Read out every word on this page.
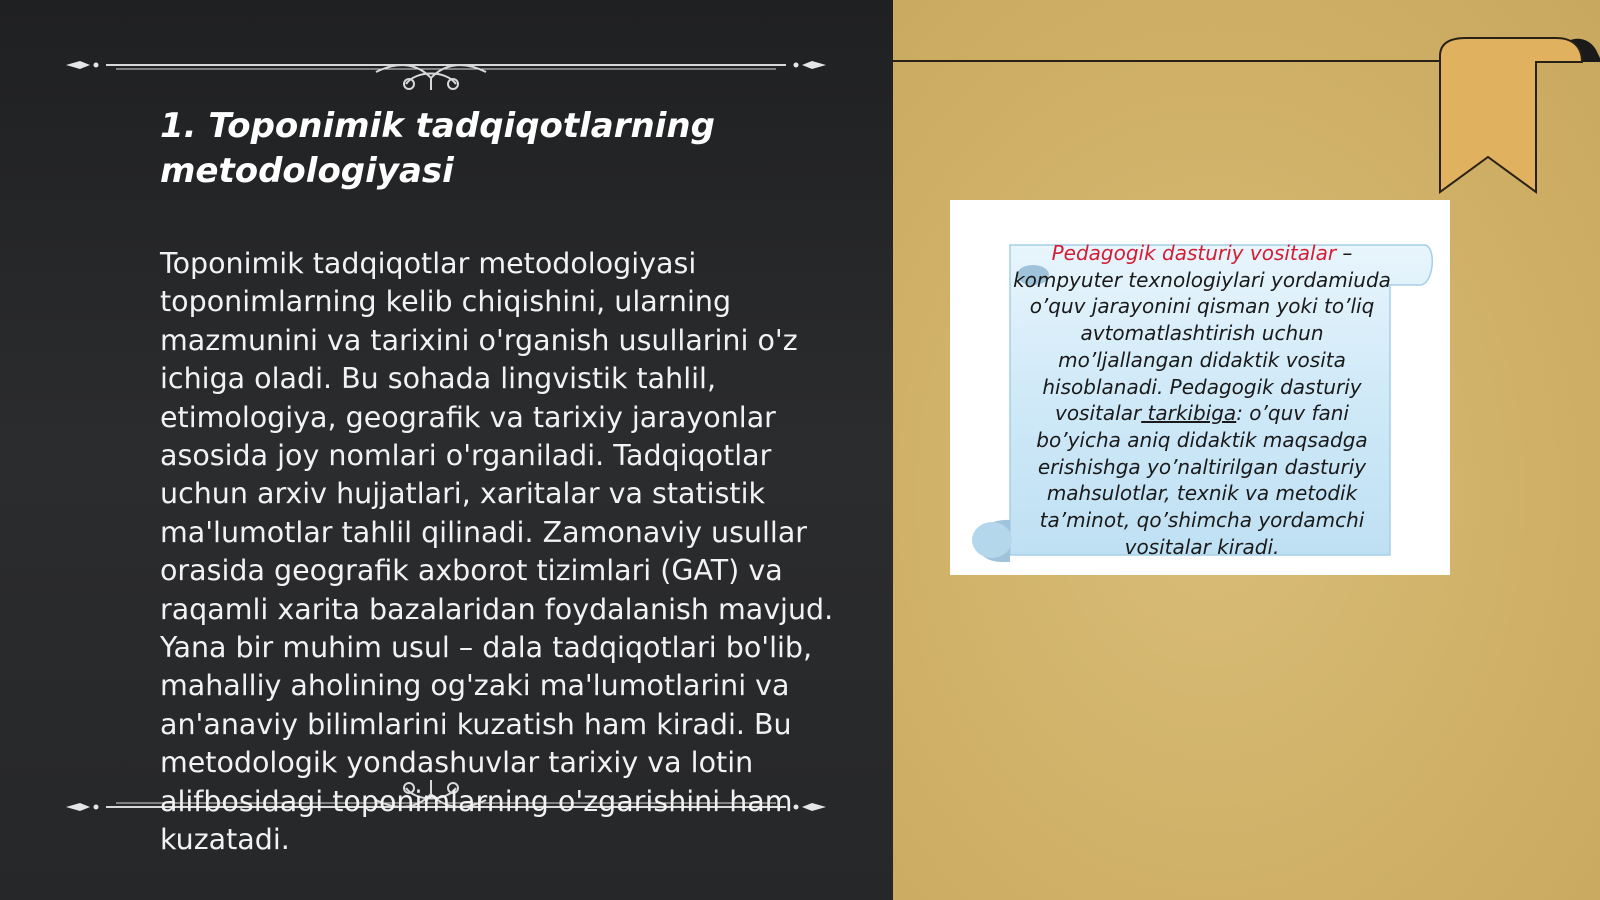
1. Toponimik tadqiqotlarning metodologiyasi

Toponimik tadqiqotlar metodologiyasi toponimlarning kelib chiqishini, ularning mazmunini va tarixini o'rganish usullarini o'z ichiga oladi. Bu sohada lingvistik tahlil, etimologiya, geografik va tarixiy jarayonlar asosida joy nomlari o'rganiladi. Tadqiqotlar uchun arxiv hujjatlari, xaritalar va statistik ma'lumotlar tahlil qilinadi. Zamonaviy usullar orasida geografik axborot tizimlari (GAT) va raqamli xarita bazalaridan foydalanish mavjud. Yana bir muhim usul – dala tadqiqotlari bo'lib, mahalliy aholining og'zaki ma'lumotlarini va an'anaviy bilimlarini kuzatish ham kiradi. Bu metodologik yondashuvlar tarixiy va lotin alifbosidagi toponimlarning o'zgarishini ham kuzatadi.

Pedagogik dasturiy vositalar – kompyuter texnologiylari yordamiuda o’quv jarayonini qisman yoki to’liq avtomatlashtirish uchun mo’ljallangan didaktik vosita hisoblanadi. Pedagogik dasturiy vositalar tarkibiga: o’quv fani bo’yicha aniq didaktik maqsadga erishishga yo’naltirilgan dasturiy mahsulotlar, texnik va metodik ta’minot, qo’shimcha yordamchi vositalar kiradi.
